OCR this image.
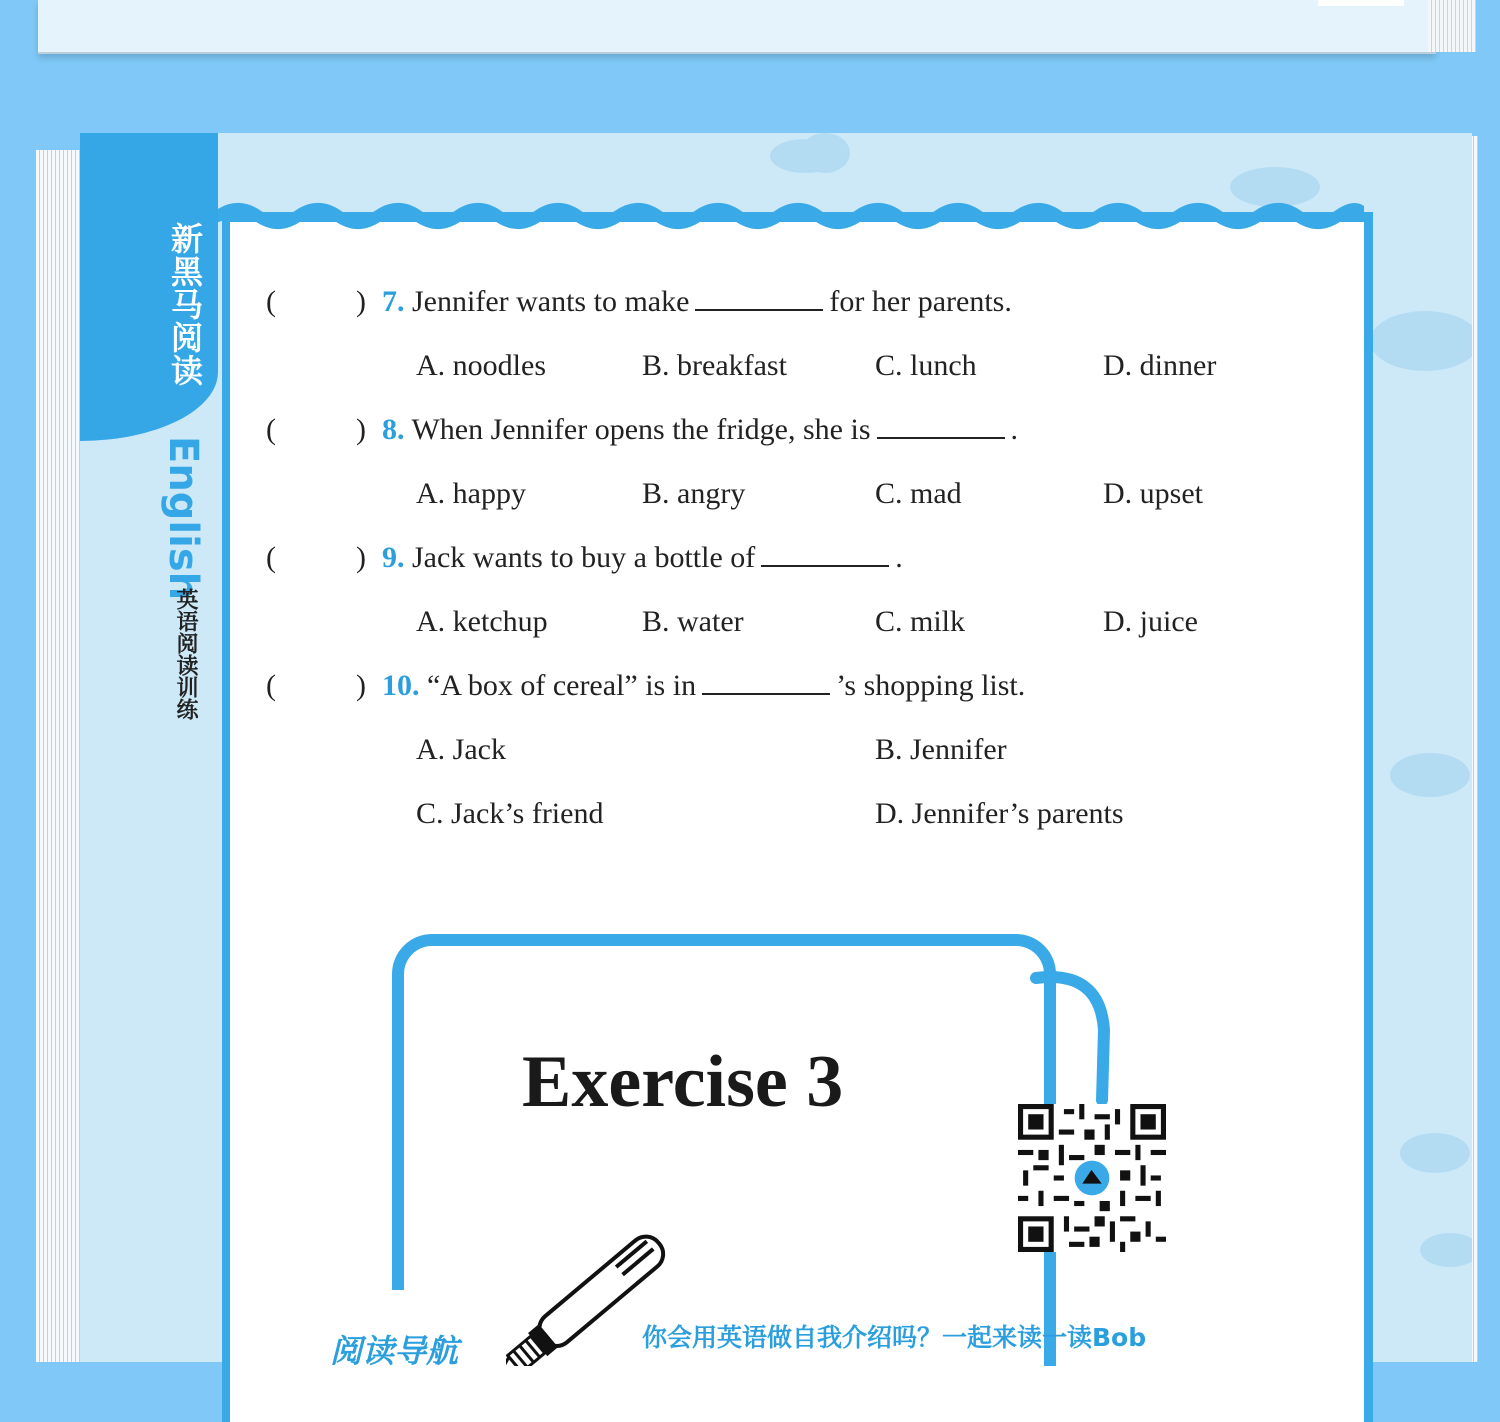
新黑马阅读
English
英语阅读训练
(	) 7. Jennifer wants to make	for her parents.
A. noodles	B. breakfast	C. lunch	D. dinner
(	) 8. When Jennifer opens the fridge, she is	.
A. happy	B. angry	C. mad	D. upset
(	) 9. Jack wants to buy a bottle of	.
A. ketchup	B. water	C. milk	D. juice
(	) 10. “A box of cereal” is in	’s shopping list.
A. Jack	B. Jennifer
C. Jack’s friend	D. Jennifer’s parents
Exercise 3
阅读导航	你会用英语做自我介绍吗？一起来读一读Bob
